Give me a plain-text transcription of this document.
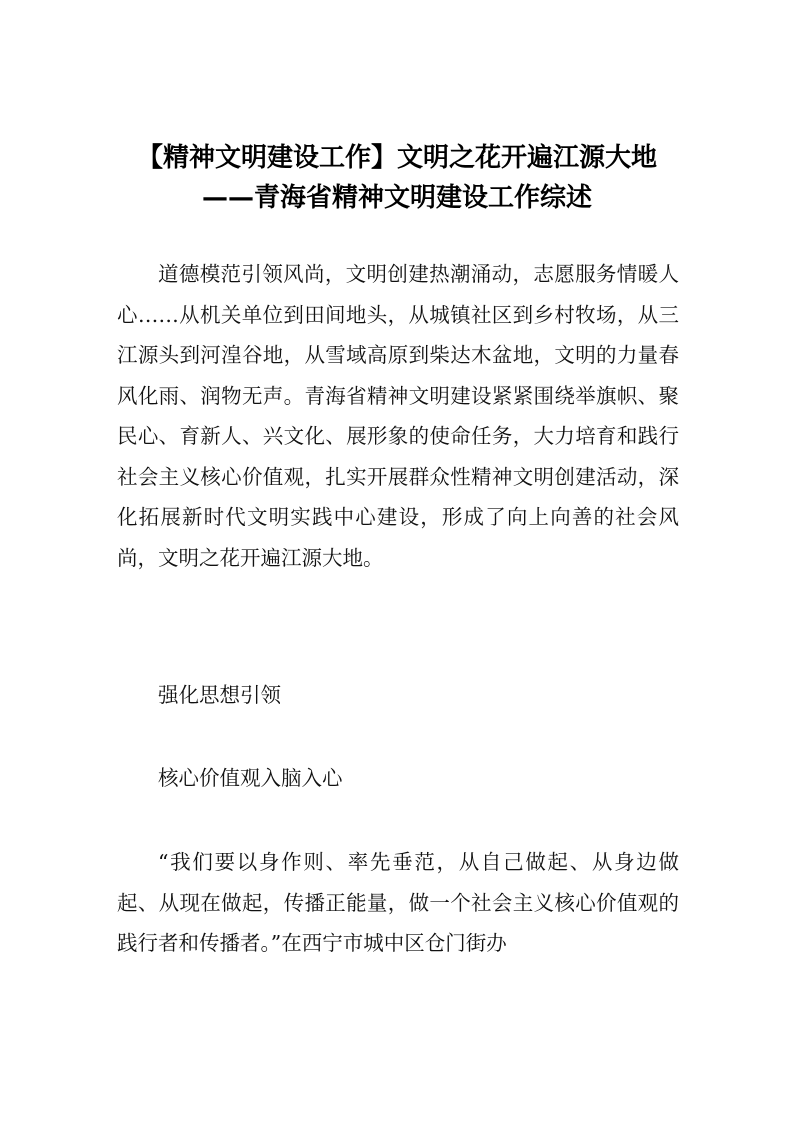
【精神文明建设工作】文明之花开遍江源大地——青海省精神文明建设工作综述

道德模范引领风尚，文明创建热潮涌动，志愿服务情暖人心……从机关单位到田间地头，从城镇社区到乡村牧场，从三江源头到河湟谷地，从雪域高原到柴达木盆地，文明的力量春风化雨、润物无声。青海省精神文明建设紧紧围绕举旗帜、聚民心、育新人、兴文化、展形象的使命任务，大力培育和践行社会主义核心价值观，扎实开展群众性精神文明创建活动，深化拓展新时代文明实践中心建设，形成了向上向善的社会风尚，文明之花开遍江源大地。

强化思想引领

核心价值观入脑入心

“我们要以身作则、率先垂范，从自己做起、从身边做起、从现在做起，传播正能量，做一个社会主义核心价值观的践行者和传播者。”在西宁市城中区仓门街办
